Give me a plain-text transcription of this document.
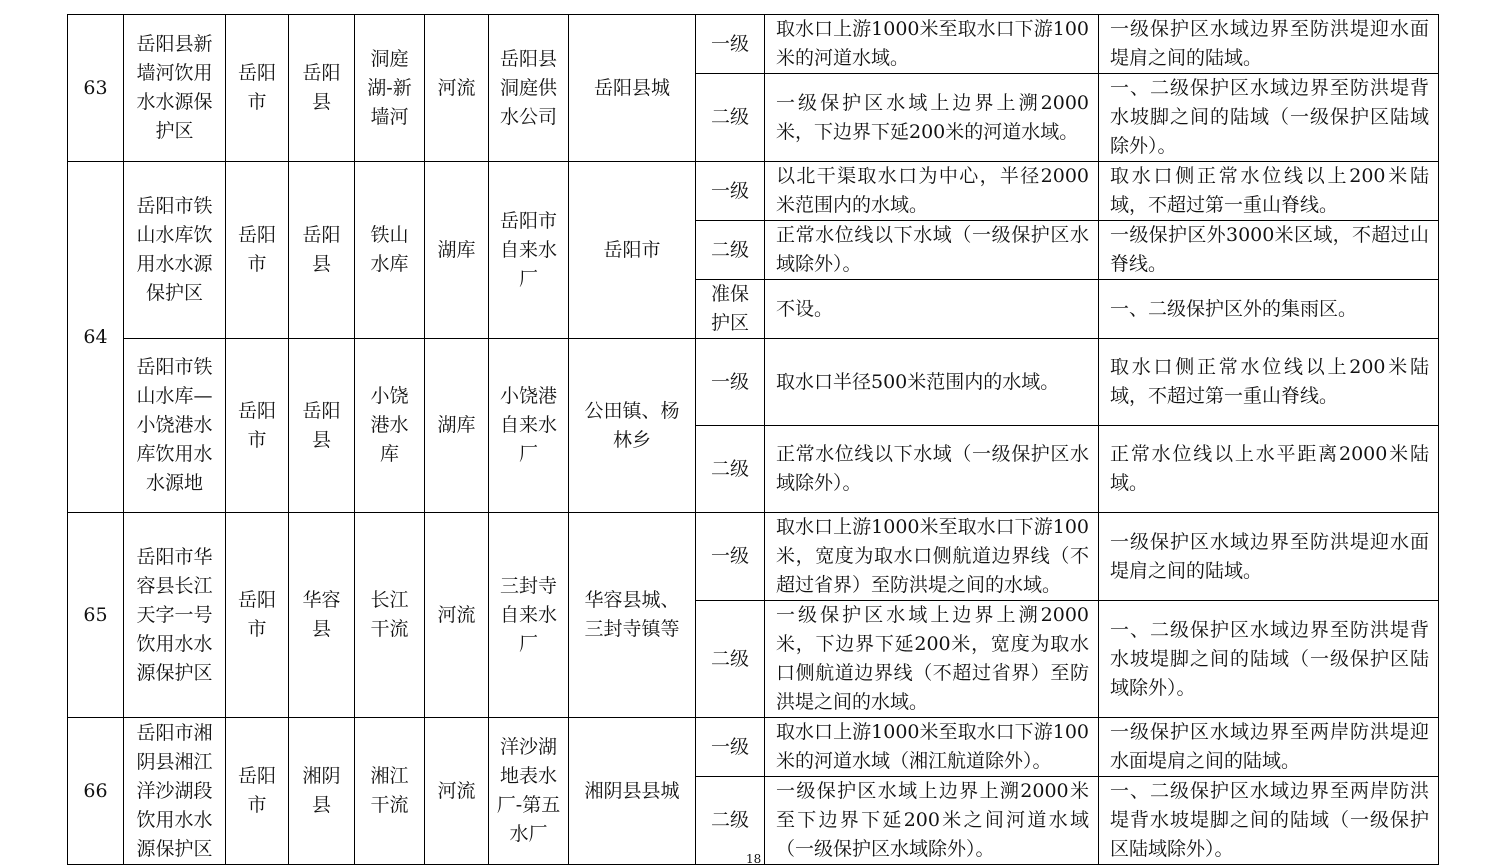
63	岳阳县新墙河饮用水水源保护区	岳阳市	岳阳县	洞庭湖-新墙河	河流	岳阳县洞庭供水公司	岳阳县城	一级	取水口上游1000米至取水口下游100米的河道水域。	一级保护区水域边界至防洪堤迎水面堤肩之间的陆域。
								二级	一级保护区水域上边界上溯2000米，下边界下延200米的河道水域。	一、二级保护区水域边界至防洪堤背水坡脚之间的陆域（一级保护区陆域除外）。
64	岳阳市铁山水库饮用水水源保护区	岳阳市	岳阳县	铁山水库	湖库	岳阳市自来水厂	岳阳市	一级	以北干渠取水口为中心，半径2000米范围内的水域。	取水口侧正常水位线以上200米陆域，不超过第一重山脊线。
								二级	正常水位线以下水域（一级保护区水域除外）。	一级保护区外3000米区域，不超过山脊线。
								准保护区	不设。	一、二级保护区外的集雨区。
	岳阳市铁山水库—小饶港水库饮用水水源地	岳阳市	岳阳县	小饶港水库	湖库	小饶港自来水厂	公田镇、杨林乡	一级	取水口半径500米范围内的水域。	取水口侧正常水位线以上200米陆域，不超过第一重山脊线。
								二级	正常水位线以下水域（一级保护区水域除外）。	正常水位线以上水平距离2000米陆域。
65	岳阳市华容县长江天字一号饮用水水源保护区	岳阳市	华容县	长江干流	河流	三封寺自来水厂	华容县城、三封寺镇等	一级	取水口上游1000米至取水口下游100米，宽度为取水口侧航道边界线（不超过省界）至防洪堤之间的水域。	一级保护区水域边界至防洪堤迎水面堤肩之间的陆域。
								二级	一级保护区水域上边界上溯2000米，下边界下延200米，宽度为取水口侧航道边界线（不超过省界）至防洪堤之间的水域。	一、二级保护区水域边界至防洪堤背水坡堤脚之间的陆域（一级保护区陆域除外）。
66	岳阳市湘阴县湘江洋沙湖段饮用水水源保护区	岳阳市	湘阴县	湘江干流	河流	洋沙湖地表水厂-第五水厂	湘阴县县城	一级	取水口上游1000米至取水口下游100米的河道水域（湘江航道除外）。	一级保护区水域边界至两岸防洪堤迎水面堤肩之间的陆域。
								二级	一级保护区水域上边界上溯2000米至下边界下延200米之间河道水域（一级保护区水域除外）。	一、二级保护区水域边界至两岸防洪堤背水坡堤脚之间的陆域（一级保护区陆域除外）。
18
